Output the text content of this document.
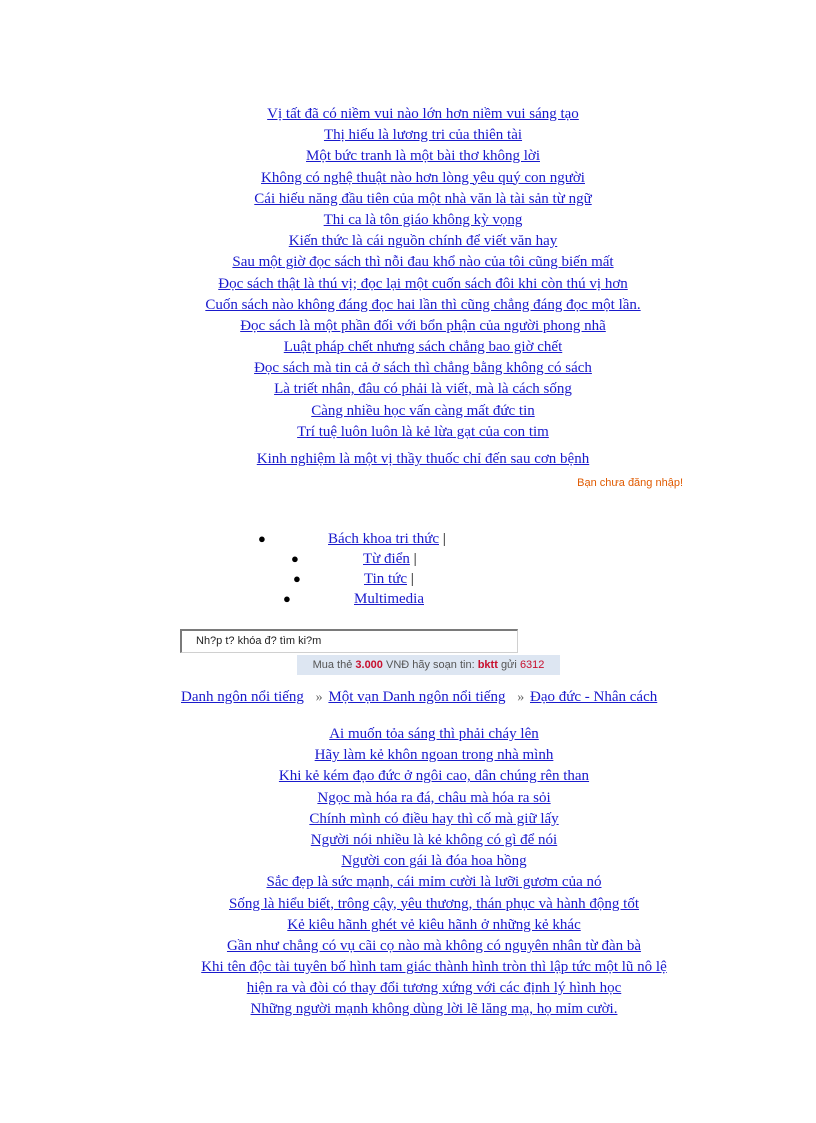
Vị tất đã có niềm vui nào lớn hơn niềm vui sáng tạo
Thị hiếu là lương tri của thiên tài
Một bức tranh là một bài thơ không lời
Không có nghệ thuật nào hơn lòng yêu quý con người
Cái hiếu năng đầu tiên của một nhà văn là tài sản từ ngữ
Thi ca là tôn giáo không kỳ vọng
Kiến thức là cái nguồn chính để viết văn hay
Sau một giờ đọc sách thì nỗi đau khổ nào của tôi cũng biến mất
Đọc sách thật là thú vị; đọc lại một cuốn sách đôi khi còn thú vị hơn
Cuốn sách nào không đáng đọc hai lần thì cũng chẳng đáng đọc một lần.
Đọc sách là một phần đối với bổn phận của người phong nhã
Luật pháp chết nhưng sách chẳng bao giờ chết
Đọc sách mà tin cả ở sách thì chẳng bằng không có sách
Là triết nhân, đâu có phải là viết, mà là cách sống
Càng nhiều học vấn càng mất đức tin
Trí tuệ luôn luôn là kẻ lừa gạt của con tim
Kinh nghiệm là một vị thầy thuốc chỉ đến sau cơn bệnh
Bạn chưa đăng nhập!
●	Bách khoa tri thức |
●	Từ điển |
●	Tin tức |
●	Multimedia
Nh?p t? khóa đ? tìm ki?m
Mua thẻ 3.000 VNĐ hãy soạn tin: bktt gửi 6312
Danh ngôn nổi tiếng » Một vạn Danh ngôn nổi tiếng » Đạo đức - Nhân cách
Ai muốn tỏa sáng thì phải cháy lên
Hãy làm kẻ khôn ngoan trong nhà mình
Khi kẻ kém đạo đức ở ngôi cao, dân chúng rên than
Ngọc mà hóa ra đá, châu mà hóa ra sỏi
Chính mình có điều hay thì cố mà giữ lấy
Người nói nhiều là kẻ không có gì để nói
Người con gái là đóa hoa hồng
Sắc đẹp là sức mạnh, cái mỉm cười là lưỡi gươm của nó
Sống là hiểu biết, trông cậy, yêu thương, thán phục và hành động tốt
Kẻ kiêu hãnh ghét vẻ kiêu hãnh ở những kẻ khác
Gần như chẳng có vụ cãi cọ nào mà không có nguyên nhân từ đàn bà
Khi tên độc tài tuyên bố hình tam giác thành hình tròn thì lập tức một lũ nô lệ
hiện ra và đòi có thay đổi tương xứng với các định lý hình học
Những người mạnh không dùng lời lẽ lăng mạ, họ mỉm cười.
